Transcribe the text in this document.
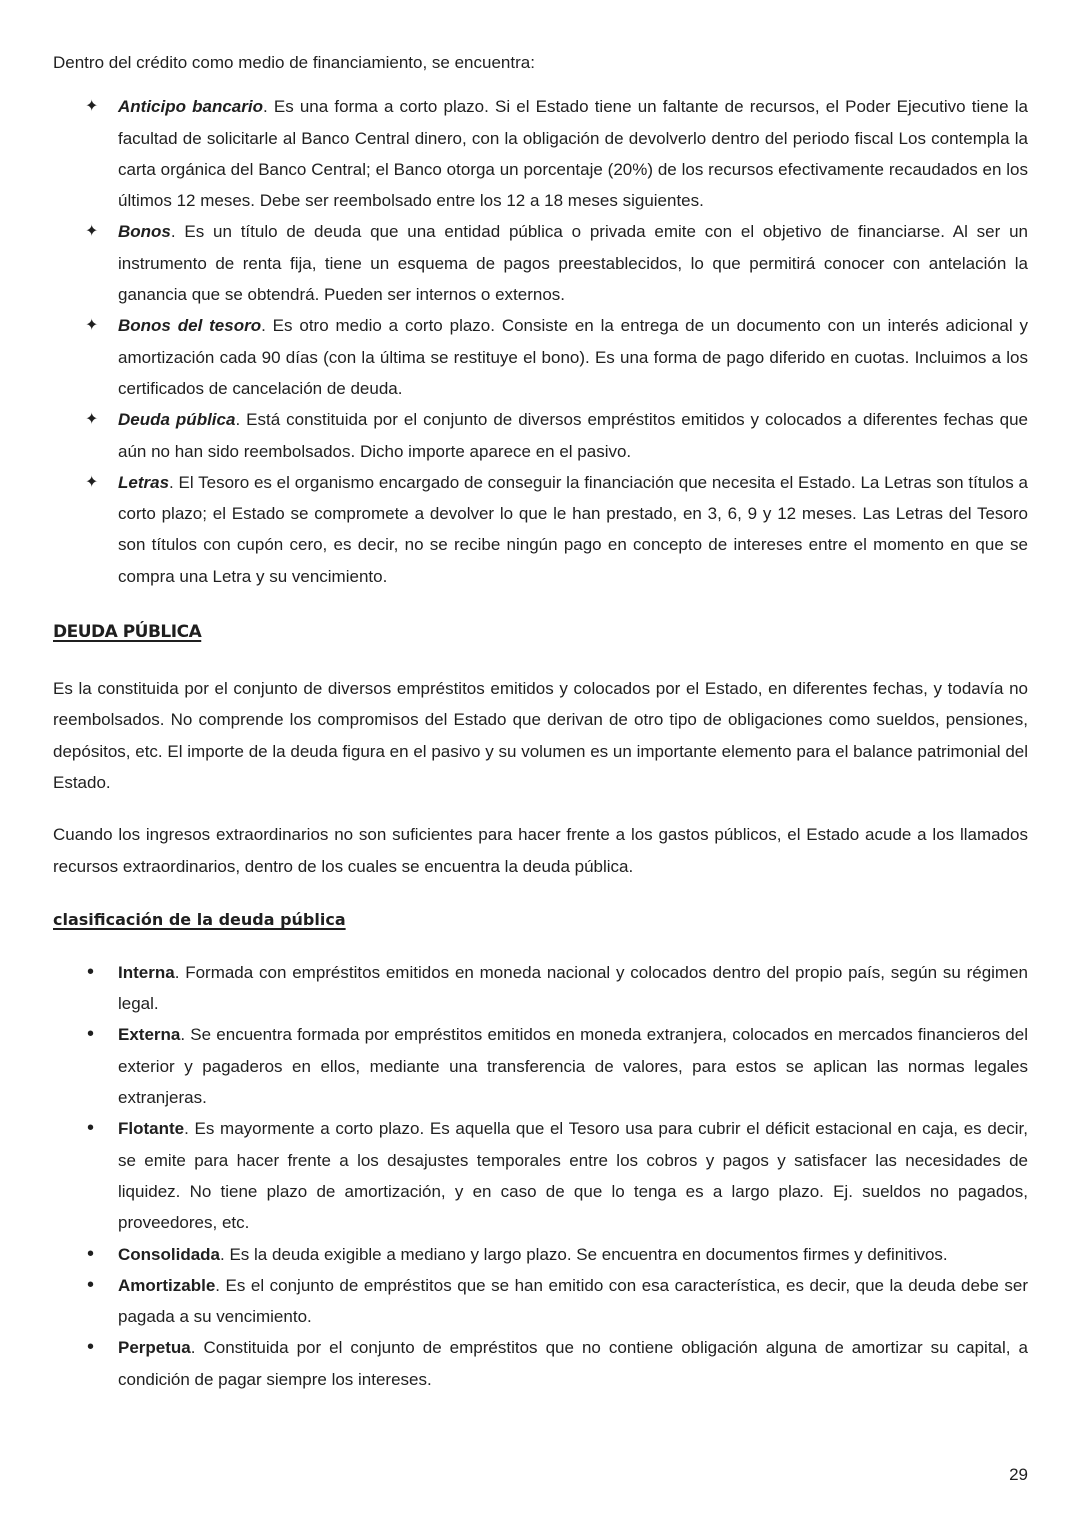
Dentro del crédito como medio de financiamiento, se encuentra:

✦ Anticipo bancario. Es una forma a corto plazo. Si el Estado tiene un faltante de recursos, el Poder Ejecutivo tiene la facultad de solicitarle al Banco Central dinero, con la obligación de devolverlo dentro del periodo fiscal Los contempla la carta orgánica del Banco Central; el Banco otorga un porcentaje (20%) de los recursos efectivamente recaudados en los últimos 12 meses. Debe ser reembolsado entre los 12 a 18 meses siguientes.
✦ Bonos. Es un título de deuda que una entidad pública o privada emite con el objetivo de financiarse. Al ser un instrumento de renta fija, tiene un esquema de pagos preestablecidos, lo que permitirá conocer con antelación la ganancia que se obtendrá. Pueden ser internos o externos.
✦ Bonos del tesoro. Es otro medio a corto plazo. Consiste en la entrega de un documento con un interés adicional y amortización cada 90 días (con la última se restituye el bono). Es una forma de pago diferido en cuotas. Incluimos a los certificados de cancelación de deuda.
✦ Deuda pública. Está constituida por el conjunto de diversos empréstitos emitidos y colocados a diferentes fechas que aún no han sido reembolsados. Dicho importe aparece en el pasivo.
✦ Letras. El Tesoro es el organismo encargado de conseguir la financiación que necesita el Estado. La Letras son títulos a corto plazo; el Estado se compromete a devolver lo que le han prestado, en 3, 6, 9 y 12 meses. Las Letras del Tesoro son títulos con cupón cero, es decir, no se recibe ningún pago en concepto de intereses entre el momento en que se compra una Letra y su vencimiento.
DEUDA PÚBLICA

Es la constituida por el conjunto de diversos empréstitos emitidos y colocados por el Estado, en diferentes fechas, y todavía no reembolsados. No comprende los compromisos del Estado que derivan de otro tipo de obligaciones como sueldos, pensiones, depósitos, etc. El importe de la deuda figura en el pasivo y su volumen es un importante elemento para el balance patrimonial del Estado.

Cuando los ingresos extraordinarios no son suficientes para hacer frente a los gastos públicos, el Estado acude a los llamados recursos extraordinarios, dentro de los cuales se encuentra la deuda pública.

clasificación de la deuda pública
• Interna. Formada con empréstitos emitidos en moneda nacional y colocados dentro del propio país, según su régimen legal.
• Externa. Se encuentra formada por empréstitos emitidos en moneda extranjera, colocados en mercados financieros del exterior y pagaderos en ellos, mediante una transferencia de valores, para estos se aplican las normas legales extranjeras.
• Flotante. Es mayormente a corto plazo. Es aquella que el Tesoro usa para cubrir el déficit estacional en caja, es decir, se emite para hacer frente a los desajustes temporales entre los cobros y pagos y satisfacer las necesidades de liquidez. No tiene plazo de amortización, y en caso de que lo tenga es a largo plazo. Ej. sueldos no pagados, proveedores, etc.
• Consolidada. Es la deuda exigible a mediano y largo plazo. Se encuentra en documentos firmes y definitivos.
• Amortizable. Es el conjunto de empréstitos que se han emitido con esa característica, es decir, que la deuda debe ser pagada a su vencimiento.
• Perpetua. Constituida por el conjunto de empréstitos que no contiene obligación alguna de amortizar su capital, a condición de pagar siempre los intereses.
29
